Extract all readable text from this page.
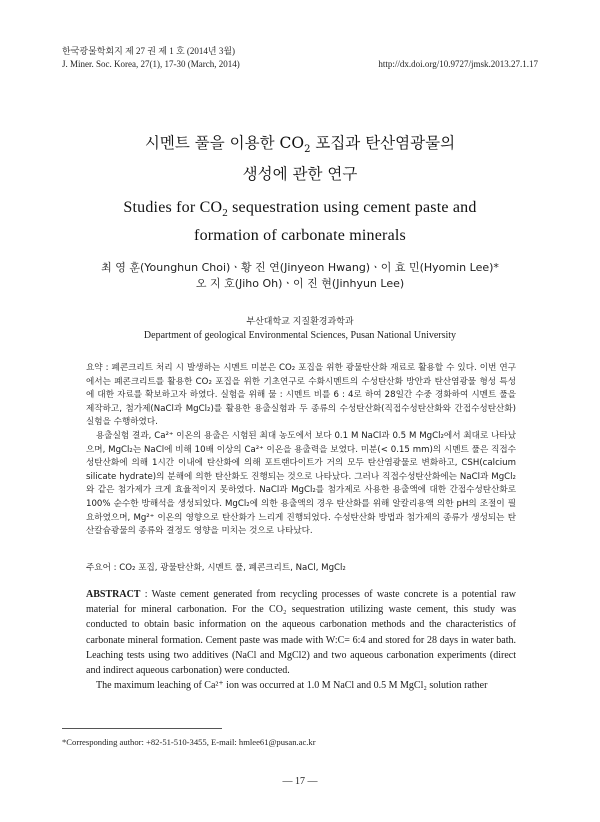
한국광물학회지 제 27 권 제 1 호 (2014년 3월)
J. Miner. Soc. Korea, 27(1), 17-30 (March, 2014)	http://dx.doi.org/10.9727/jmsk.2013.27.1.17
시멘트 풀을 이용한 $CO_2$ 포집과 탄산염광물의
생성에 관한 연구
Studies for $CO_2$ sequestration using cement paste and
formation of carbonate minerals
최 영 훈(Younghun Choi)ㆍ황 진 연(Jinyeon Hwang)ㆍ이 효 민(Hyomin Lee)*
오 지 호(Jiho Oh)ㆍ이 진 현(Jinhyun Lee)
부산대학교 지질환경과학과
Department of geological Environmental Sciences, Pusan National University

요약 : 폐콘크리트 처리 시 발생하는 시멘트 미분은 CO₂ 포집을 위한 광물탄산화 재료로 활용할 수 있다. 이번 연구에서는 폐콘크리트를 활용한 CO₂ 포집을 위한 기초연구로 수화시멘트의 수성탄산화 방안과 탄산염광물 형성 특성에 대한 자료를 확보하고자 하였다. 실험을 위해 물 : 시멘트 비를 6 : 4로 하여 28일간 수중 경화하여 시멘트 풀을 제작하고, 첨가제(NaCl과 MgCl₂)를 활용한 용출실험과 두 종류의 수성탄산화(직접수성탄산화와 간접수성탄산화)실험을 수행하였다.

용출실험 결과, Ca²⁺ 이온의 용출은 시험된 최대 농도에서 보다 0.1 M NaCl과 0.5 M MgCl₂에서 최대로 나타났으며, MgCl₂는 NaCl에 비해 10배 이상의 Ca²⁺ 이온을 용출력을 보였다. 미분(< 0.15 mm)의 시멘트 풀은 직접수성탄산화에 의해 1시간 이내에 탄산화에 의해 포트랜다이트가 거의 모두 탄산염광물로 변화하고, CSH(calcium silicate hydrate)의 분해에 의한 탄산화도 진행되는 것으로 나타났다. 그러나 직접수성탄산화에는 NaCl과 MgCl₂와 같은 첨가제가 크게 효율적이지 못하였다. NaCl과 MgCl₂를 첨가제로 사용한 용출액에 대한 간접수성탄산화로 100% 순수한 방해석을 생성되었다. MgCl₂에 의한 용출액의 경우 탄산화를 위해 알칼리용액 의한 pH의 조절이 필요하였으며, Mg²⁺ 이온의 영향으로 탄산화가 느리게 진행되었다. 수성탄산화 방법과 첨가제의 종류가 생성되는 탄산칼슘광물의 종류와 결정도 영향을 미치는 것으로 나타났다.

주요어 : CO₂ 포집, 광물탄산화, 시멘트 풀, 폐콘크리트, NaCl, MgCl₂

ABSTRACT : Waste cement generated from recycling processes of waste concrete is a potential raw material for mineral carbonation. For the CO₂ sequestration utilizing waste cement, this study was conducted to obtain basic information on the aqueous carbonation methods and the characteristics of carbonate mineral formation. Cement paste was made with W:C= 6:4 and stored for 28 days in water bath. Leaching tests using two additives (NaCl and MgCl2) and two aqueous carbonation experiments (direct and indirect aqueous carbonation) were conducted.

The maximum leaching of Ca²⁺ ion was occurred at 1.0 M NaCl and 0.5 M MgCl₂ solution rather

*Corresponding author: +82-51-510-3455, E-mail: hmlee61@pusan.ac.kr
― 17 ―
